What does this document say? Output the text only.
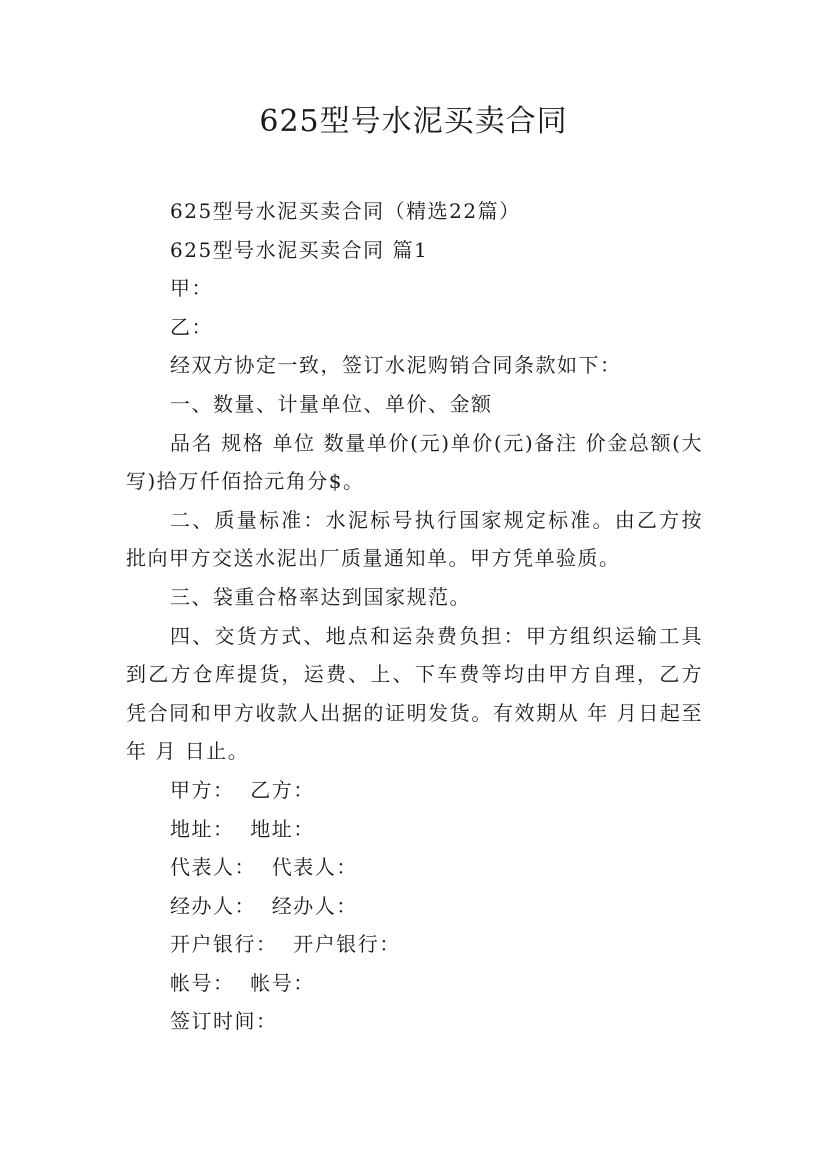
625型号水泥买卖合同

625型号水泥买卖合同（精选22篇）

625型号水泥买卖合同 篇1

甲：

乙：

经双方协定一致，签订水泥购销合同条款如下：

一、数量、计量单位、单价、金额

品名 规格 单位 数量单价(元)单价(元)备注 价金总额(大写)拾万仟佰拾元角分$。

二、质量标准：水泥标号执行国家规定标准。由乙方按批向甲方交送水泥出厂质量通知单。甲方凭单验质。

三、袋重合格率达到国家规范。

四、交货方式、地点和运杂费负担：甲方组织运输工具到乙方仓库提货，运费、上、下车费等均由甲方自理，乙方凭合同和甲方收款人出据的证明发货。有效期从 年 月日起至 年 月 日止。

甲方：  乙方：

地址：  地址：

代表人：  代表人：

经办人：  经办人：

开户银行：  开户银行：

帐号：  帐号：

签订时间：
